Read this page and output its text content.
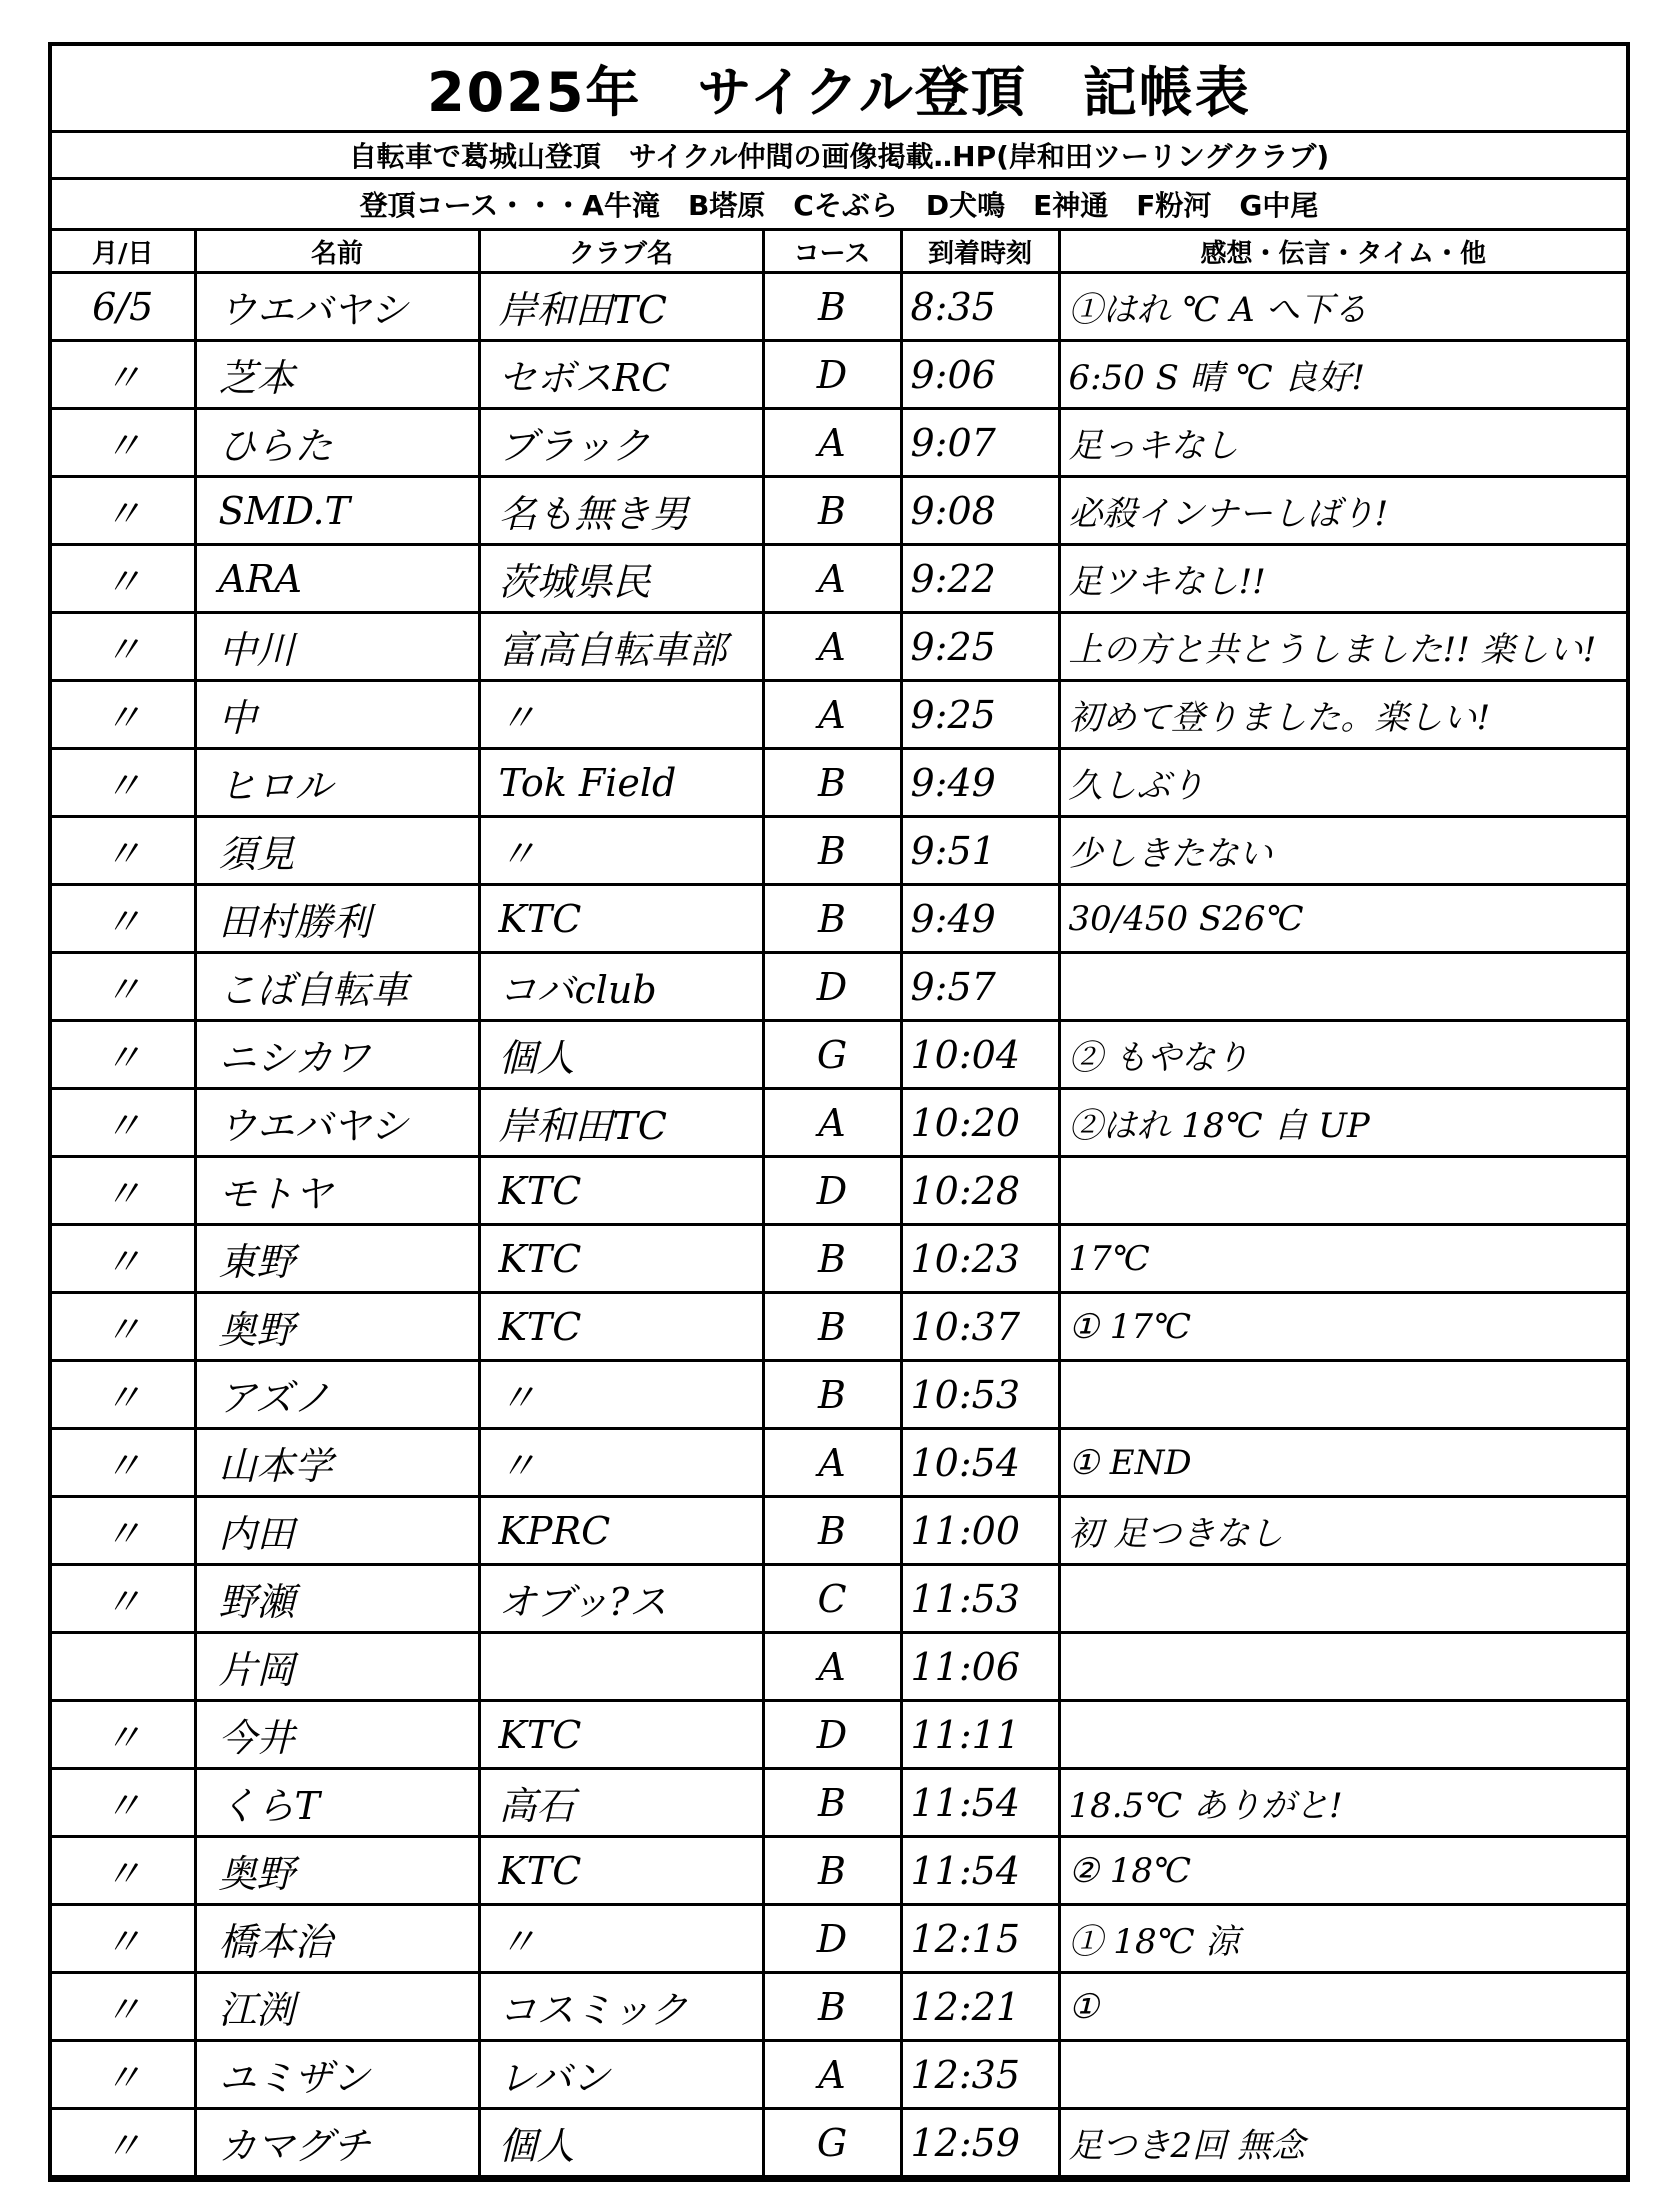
2025年　サイクル登頂　記帳表
自転車で葛城山登頂　サイクル仲間の画像掲載‥HP(岸和田ツーリングクラブ)
登頂コース・・・A牛滝　B塔原　Cそぶら　D犬鳴　E神通　F粉河　G中尾
月/日	名前	クラブ名	コース	到着時刻	感想・伝言・タイム・他
6/5	ウエバヤシ	岸和田TC	B	8:35	①はれ ℃ A へ下る
〃	芝本	セボスRC	D	9:06	6:50 S 晴 ℃ 良好!
〃	ひらた	ブラック	A	9:07	足っキなし
〃	SMD.T	名も無き男	B	9:08	必殺インナーしばり!
〃	ARA	茨城県民	A	9:22	足ツキなし!!
〃	中川	富高自転車部	A	9:25	上の方と共とうしました!! 楽しい!
〃	中	〃	A	9:25	初めて登りました。楽しい!
〃	ヒロル	Tok Field	B	9:49	久しぶり
〃	須見	〃	B	9:51	少しきたない
〃	田村勝利	KTC	B	9:49	30/450 S26℃
〃	こば自転車	コバclub	D	9:57	
〃	ニシカワ	個人	G	10:04	② もやなり
〃	ウエバヤシ	岸和田TC	A	10:20	②はれ 18℃ 自 UP
〃	モトヤ	KTC	D	10:28	
〃	東野	KTC	B	10:23	17℃
〃	奥野	KTC	B	10:37	① 17℃
〃	アズノ	〃	B	10:53	
〃	山本学	〃	A	10:54	① END
〃	内田	KPRC	B	11:00	初 足つきなし
〃	野瀬	オブッ?ス	C	11:53	
	片岡		A	11:06	
〃	今井	KTC	D	11:11	
〃	くらT	高石	B	11:54	18.5℃ ありがと!
〃	奥野	KTC	B	11:54	② 18℃
〃	橋本治	〃	D	12:15	① 18℃ 涼
〃	江渕	コスミック	B	12:21	①
〃	ユミザン	レバン	A	12:35	
〃	カマグチ	個人	G	12:59	足つき2回 無念
